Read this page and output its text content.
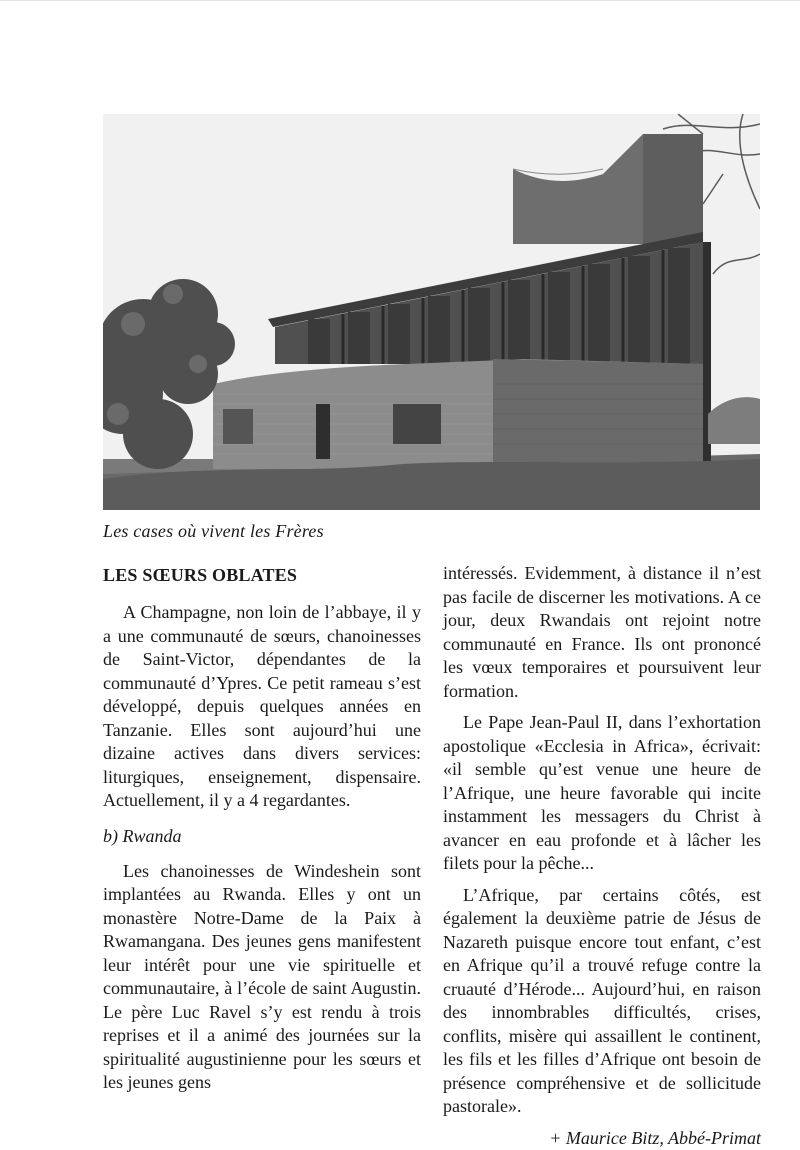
Les cases où vivent les Frères
LES SŒURS OBLATES

A Champagne, non loin de l’abbaye, il y a une communauté de sœurs, chanoinesses de Saint-Victor, dépendantes de la communauté d’Ypres. Ce petit rameau s’est développé, depuis quelques années en Tanzanie. Elles sont aujourd’hui une dizaine actives dans divers services: liturgiques, enseignement, dispensaire. Actuellement, il y a 4 regardantes.

b) Rwanda

Les chanoinesses de Windeshein sont implantées au Rwanda. Elles y ont un monastère Notre-Dame de la Paix à Rwamangana. Des jeunes gens manifestent leur intérêt pour une vie spirituelle et communautaire, à l’école de saint Augustin. Le père Luc Ravel s’y est rendu à trois reprises et il a animé des journées sur la spiritualité augustinienne pour les sœurs et les jeunes gens

intéressés. Evidemment, à distance il n’est pas facile de discerner les motivations. A ce jour, deux Rwandais ont rejoint notre communauté en France. Ils ont prononcé les vœux temporaires et poursuivent leur formation.

Le Pape Jean-Paul II, dans l’exhortation apostolique «Ecclesia in Africa», écrivait: «il semble qu’est venue une heure de l’Afrique, une heure favorable qui incite instamment les messagers du Christ à avancer en eau profonde et à lâcher les filets pour la pêche...

L’Afrique, par certains côtés, est également la deuxième patrie de Jésus de Nazareth puisque encore tout enfant, c’est en Afrique qu’il a trouvé refuge contre la cruauté d’Hérode... Aujourd’hui, en raison des innombrables difficultés, crises, conflits, misère qui assaillent le continent, les fils et les filles d’Afrique ont besoin de présence compréhensive et de sollicitude pastorale».

+ Maurice Bitz, Abbé-Primat
